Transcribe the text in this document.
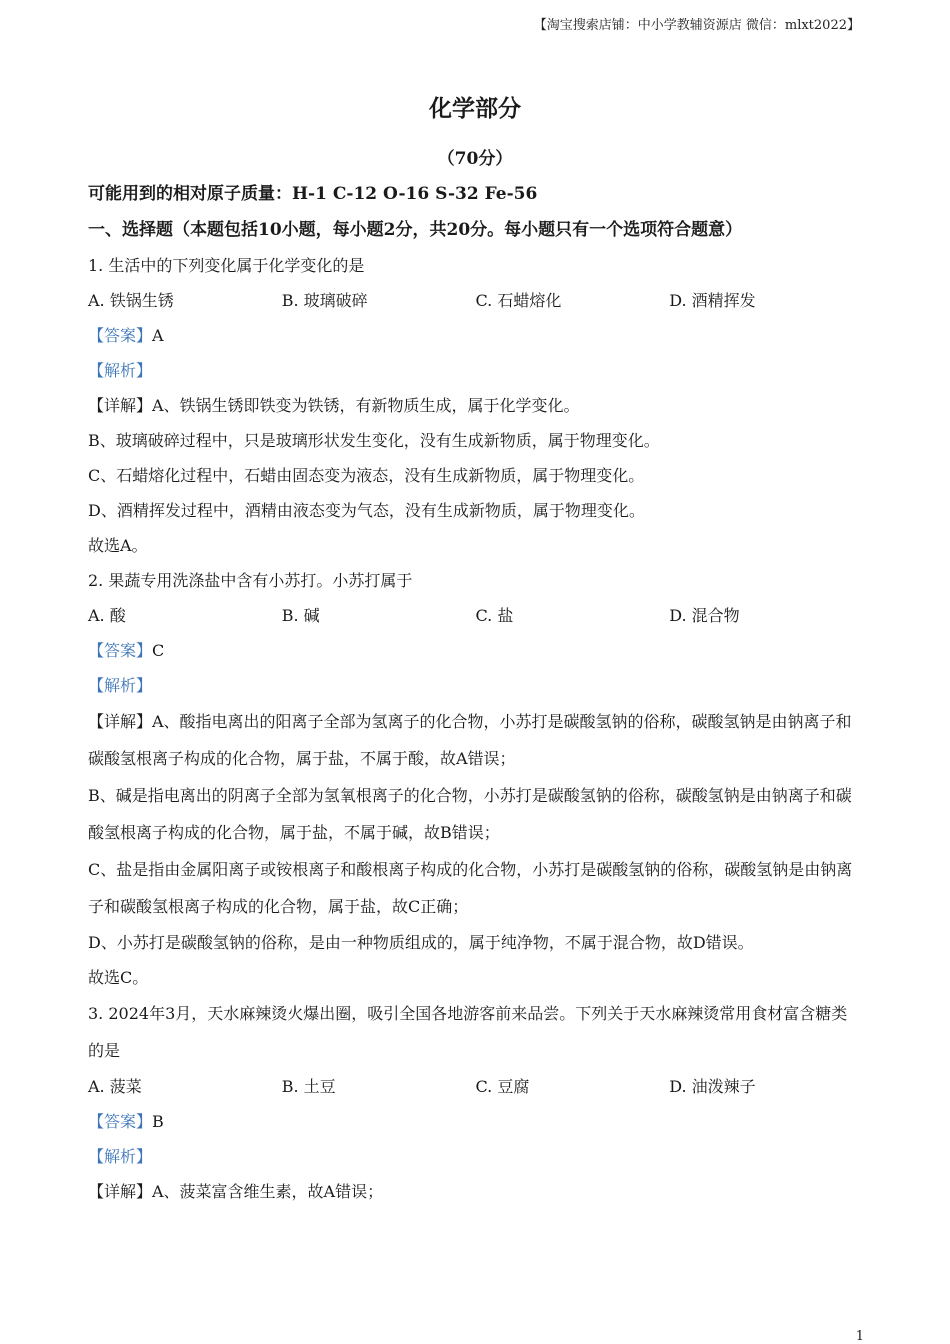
【淘宝搜索店铺：中小学教辅资源店 微信：mlxt2022】
化学部分
（70分）
可能用到的相对原子质量：H-1 C-12 O-16 S-32 Fe-56
一、选择题（本题包括10小题，每小题2分，共20分。每小题只有一个选项符合题意）
1. 生活中的下列变化属于化学变化的是
A. 铁锅生锈	B. 玻璃破碎	C. 石蜡熔化	D. 酒精挥发
【答案】A
【解析】
【详解】A、铁锅生锈即铁变为铁锈，有新物质生成，属于化学变化。
B、玻璃破碎过程中，只是玻璃形状发生变化，没有生成新物质，属于物理变化。
C、石蜡熔化过程中，石蜡由固态变为液态，没有生成新物质，属于物理变化。
D、酒精挥发过程中，酒精由液态变为气态，没有生成新物质，属于物理变化。
故选A。
2. 果蔬专用洗涤盐中含有小苏打。小苏打属于
A. 酸	B. 碱	C. 盐	D. 混合物
【答案】C
【解析】
【详解】A、酸指电离出的阳离子全部为氢离子的化合物，小苏打是碳酸氢钠的俗称，碳酸氢钠是由钠离子和碳酸氢根离子构成的化合物，属于盐，不属于酸，故A错误；
B、碱是指电离出的阴离子全部为氢氧根离子的化合物，小苏打是碳酸氢钠的俗称，碳酸氢钠是由钠离子和碳酸氢根离子构成的化合物，属于盐，不属于碱，故B错误；
C、盐是指由金属阳离子或铵根离子和酸根离子构成的化合物，小苏打是碳酸氢钠的俗称，碳酸氢钠是由钠离子和碳酸氢根离子构成的化合物，属于盐，故C正确；
D、小苏打是碳酸氢钠的俗称，是由一种物质组成的，属于纯净物，不属于混合物，故D错误。
故选C。
3. 2024年3月，天水麻辣烫火爆出圈，吸引全国各地游客前来品尝。下列关于天水麻辣烫常用食材富含糖类的是
A. 菠菜	B. 土豆	C. 豆腐	D. 油泼辣子
【答案】B
【解析】
【详解】A、菠菜富含维生素，故A错误；
1
